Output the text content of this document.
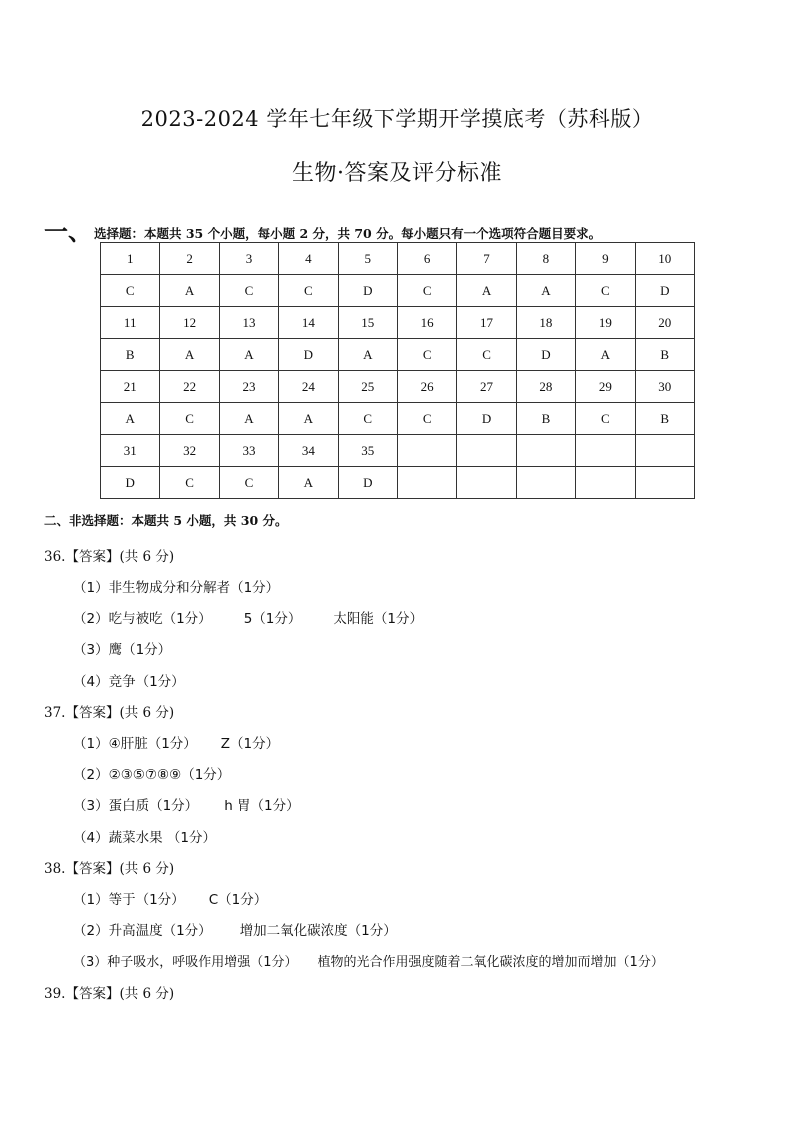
2023-2024 学年七年级下学期开学摸底考（苏科版）
生物·答案及评分标准
一、 选择题：本题共 35 个小题，每小题 2 分，共 70 分。每小题只有一个选项符合题目要求。
1	2	3	4	5	6	7	8	9	10
C	A	C	C	D	C	A	A	C	D
11	12	13	14	15	16	17	18	19	20
B	A	A	D	A	C	C	D	A	B
21	22	23	24	25	26	27	28	29	30
A	C	A	A	C	C	D	B	C	B
31	32	33	34	35					
D	C	C	A	D					
二、非选择题：本题共 5 小题，共 30 分。
36.【答案】(共 6 分)
（1）非生物成分和分解者（1分）
（2）吃与被吃（1分） 5（1分） 太阳能（1分）
（3）鹰（1分）
（4）竞争（1分）
37.【答案】(共 6 分)
（1）④肝脏（1分） Z（1分）
（2）②③⑤⑦⑧⑨（1分）
（3）蛋白质（1分） h 胃（1分）
（4）蔬菜水果 （1分）
38.【答案】(共 6 分)
（1）等于（1分） C（1分）
（2）升高温度（1分） 增加二氧化碳浓度（1分）
（3）种子吸水，呼吸作用增强（1分） 植物的光合作用强度随着二氧化碳浓度的增加而增加（1分）
39.【答案】(共 6 分)
